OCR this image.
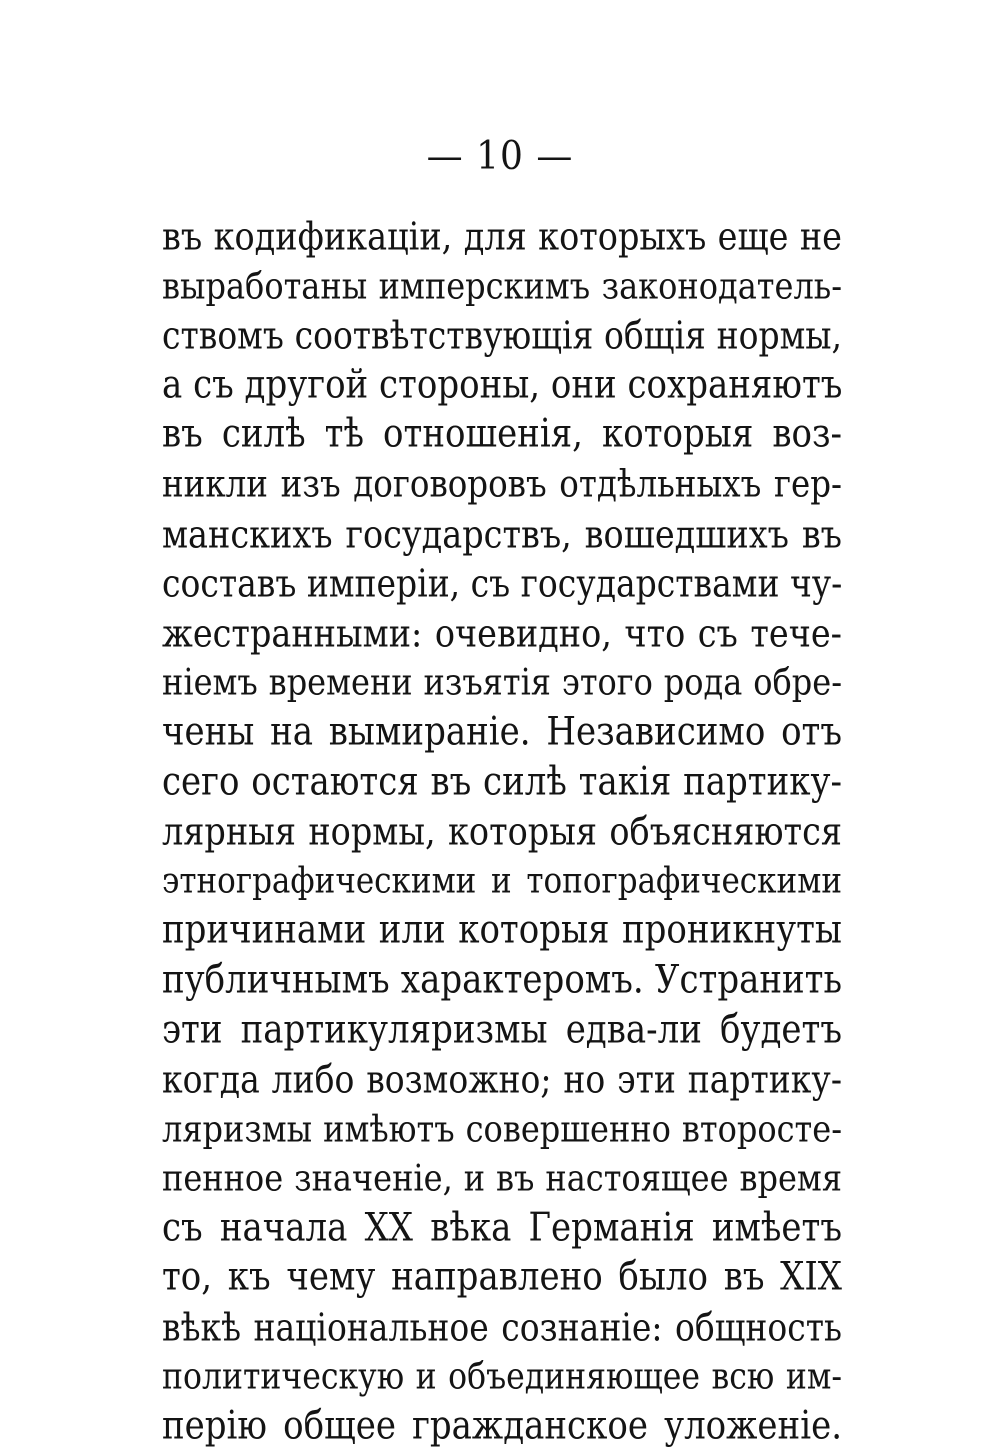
— 10 —
въ кодификаціи, для которыхъ еще не
выработаны имперскимъ законодатель-
ствомъ соотвѣтствующія общія нормы,
а съ другой стороны, они сохраняютъ
въ силѣ тѣ отношенія, которыя воз-
никли изъ договоровъ отдѣльныхъ гер-
манскихъ государствъ, вошедшихъ въ
составъ имперіи, съ государствами чу-
жестранными: очевидно, что съ тече-
ніемъ времени изъятія этого рода обре-
чены на вымираніе. Независимо отъ
сего остаются въ силѣ такія партику-
лярныя нормы, которыя объясняются
этнографическими и топографическими
причинами или которыя проникнуты
публичнымъ характеромъ. Устранить
эти партикуляризмы едва-ли будетъ
когда либо возможно; но эти партику-
ляризмы имѣютъ совершенно второсте-
пенное значеніе, и въ настоящее время
съ начала XX вѣка Германія имѣетъ
то, къ чему направлено было въ XIX
вѣкѣ національное сознаніе: общность
политическую и объединяющее всю им-
перію общее гражданское уложеніе.
